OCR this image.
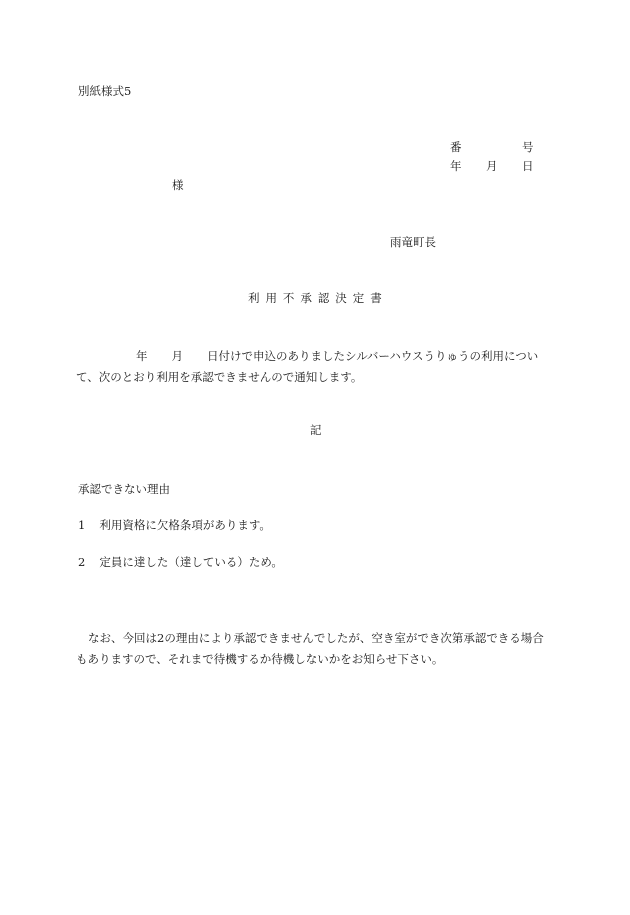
別紙様式5
番	号
年 月 日
様
雨竜町長
利 用 不 承 認 決 定 書
年 月 日付けで申込のありましたシルバーハウスうりゅうの利用につい
て、次のとおり利用を承認できませんので通知します。
記
承認できない理由
1 利用資格に欠格条項があります。
2 定員に達した（達している）ため。
なお、今回は2の理由により承認できませんでしたが、空き室ができ次第承認できる場合
もありますので、それまで待機するか待機しないかをお知らせ下さい。
